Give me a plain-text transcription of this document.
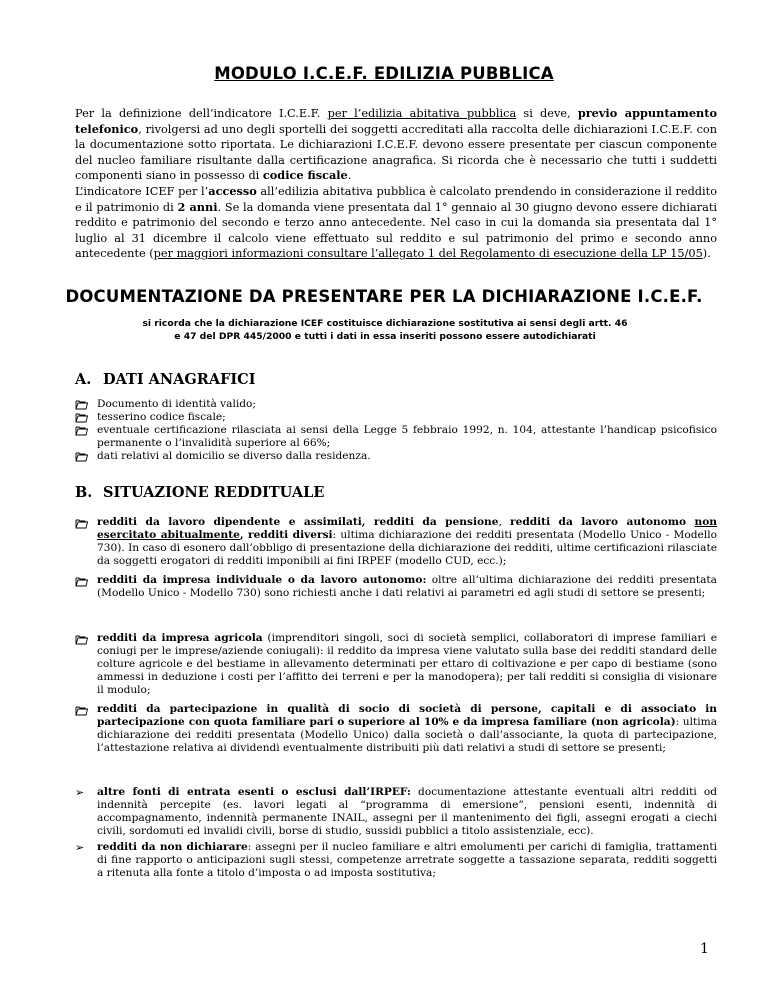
MODULO I.C.E.F. EDILIZIA PUBBLICA

Per la definizione dell’indicatore I.C.E.F. per l’edilizia abitativa pubblica si deve, previo appuntamento telefonico, rivolgersi ad uno degli sportelli dei soggetti accreditati alla raccolta delle dichiarazioni I.C.E.F. con la documentazione sotto riportata. Le dichiarazioni I.C.E.F. devono essere presentate per ciascun componente del nucleo familiare risultante dalla certificazione anagrafica. Si ricorda che è necessario che tutti i suddetti componenti siano in possesso di codice fiscale.

L’indicatore ICEF per l’accesso all’edilizia abitativa pubblica è calcolato prendendo in considerazione il reddito e il patrimonio di 2 anni. Se la domanda viene presentata dal 1° gennaio al 30 giugno devono essere dichiarati reddito e patrimonio del secondo e terzo anno antecedente. Nel caso in cui la domanda sia presentata dal 1° luglio al 31 dicembre il calcolo viene effettuato sul reddito e sul patrimonio del primo e secondo anno antecedente (per maggiori informazioni consultare l’allegato 1 del Regolamento di esecuzione della LP 15/05).

DOCUMENTAZIONE DA PRESENTARE PER LA DICHIARAZIONE I.C.E.F.
si ricorda che la dichiarazione ICEF costituisce dichiarazione sostitutiva ai sensi degli artt. 46 e 47 del DPR 445/2000 e tutti i dati in essa inseriti possono essere autodichiarati
A. DATI ANAGRAFICI
Documento di identità valido;
tesserino codice fiscale;
eventuale certificazione rilasciata ai sensi della Legge 5 febbraio 1992, n. 104, attestante l’handicap psicofisico permanente o l’invalidità superiore al 66%;
dati relativi al domicilio se diverso dalla residenza.
B. SITUAZIONE REDDITUALE
redditi da lavoro dipendente e assimilati, redditi da pensione, redditi da lavoro autonomo non esercitato abitualmente, redditi diversi: ultima dichiarazione dei redditi presentata (Modello Unico - Modello 730). In caso di esonero dall’obbligo di presentazione della dichiarazione dei redditi, ultime certificazioni rilasciate da soggetti erogatori di redditi imponibili ai fini IRPEF (modello CUD, ecc.);
redditi da impresa individuale o da lavoro autonomo: oltre all’ultima dichiarazione dei redditi presentata (Modello Unico - Modello 730) sono richiesti anche i dati relativi ai parametri ed agli studi di settore se presenti;
redditi da impresa agricola (imprenditori singoli, soci di società semplici, collaboratori di imprese familiari e coniugi per le imprese/aziende coniugali): il reddito da impresa viene valutato sulla base dei redditi standard delle colture agricole e del bestiame in allevamento determinati per ettaro di coltivazione e per capo di bestiame (sono ammessi in deduzione i costi per l’affitto dei terreni e per la manodopera); per tali redditi si consiglia di visionare il modulo;
redditi da partecipazione in qualità di socio di società di persone, capitali e di associato in partecipazione con quota familiare pari o superiore al 10% e da impresa familiare (non agricola): ultima dichiarazione dei redditi presentata (Modello Unico) dalla società o dall’associante, la quota di partecipazione, l’attestazione relativa ai dividendi eventualmente distribuiti più dati relativi a studi di settore se presenti;
➢	altre fonti di entrata esenti o esclusi dall’IRPEF: documentazione attestante eventuali altri redditi od indennità percepite (es. lavori legati al “programma di emersione”, pensioni esenti, indennità di accompagnamento, indennità permanente INAIL, assegni per il mantenimento dei figli, assegni erogati a ciechi civili, sordomuti ed invalidi civili, borse di studio, sussidi pubblici a titolo assistenziale, ecc).
➢	redditi da non dichiarare: assegni per il nucleo familiare e altri emolumenti per carichi di famiglia, trattamenti di fine rapporto o anticipazioni sugli stessi, competenze arretrate soggette a tassazione separata, redditi soggetti a ritenuta alla fonte a titolo d’imposta o ad imposta sostitutiva;
1
